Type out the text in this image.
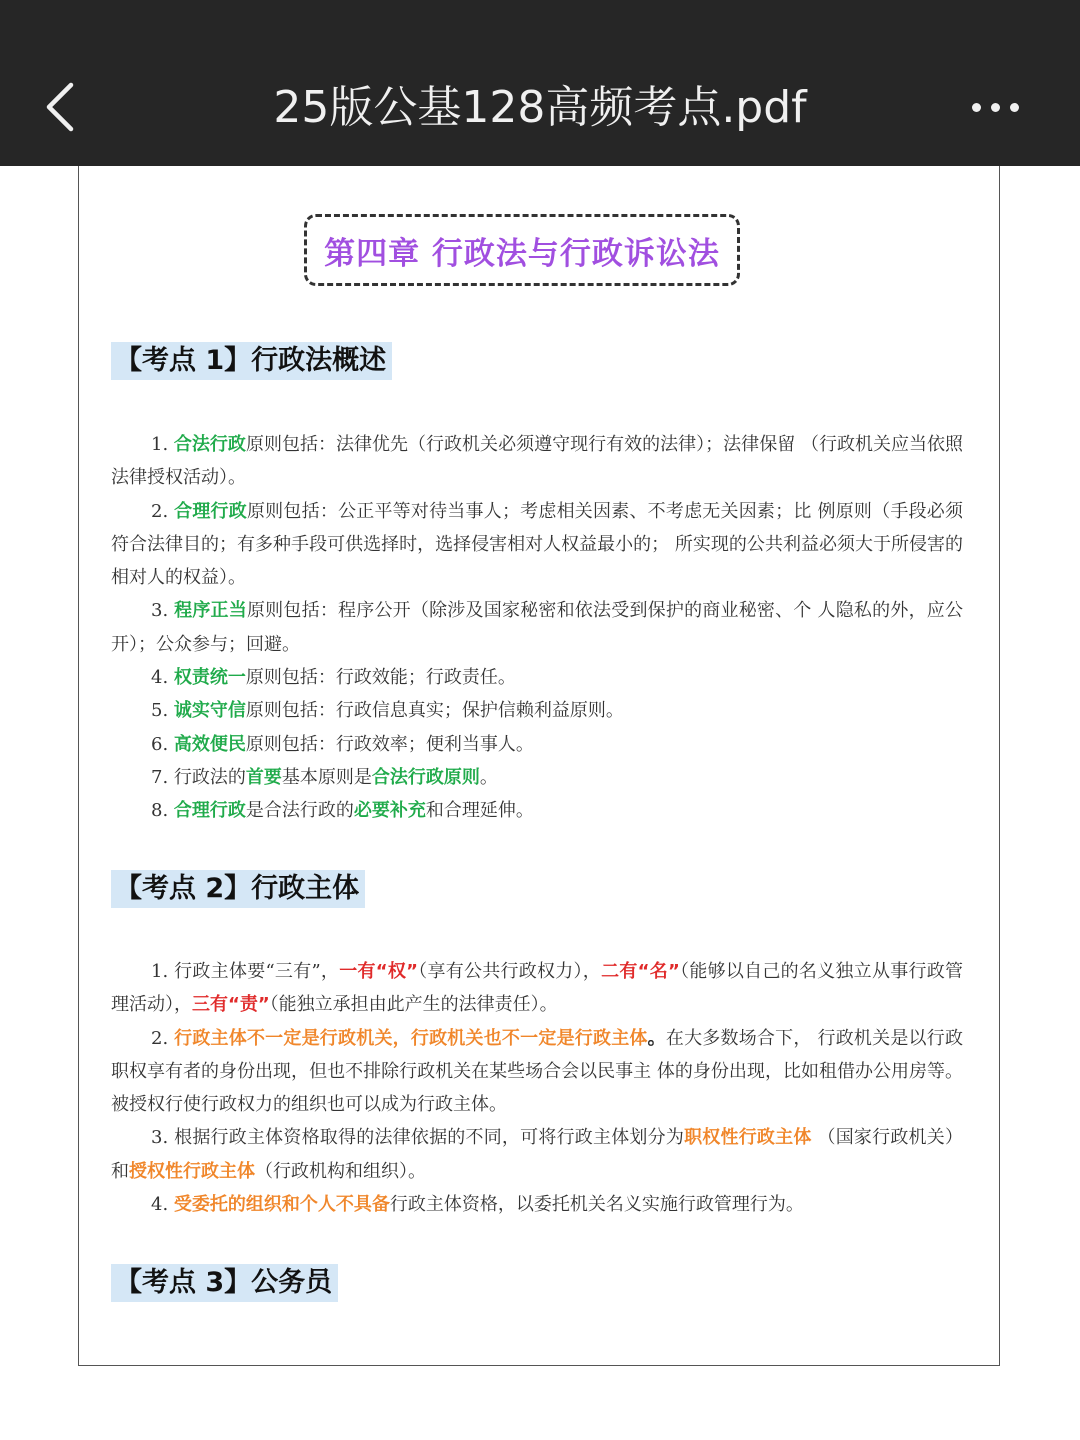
25版公基128高频考点.pdf
第四章 行政法与行政诉讼法
【考点 1】行政法概述

1. 合法行政原则包括：法律优先（行政机关必须遵守现行有效的法律）；法律保留 （行政机关应当依照法律授权活动）。

2. 合理行政原则包括：公正平等对待当事人；考虑相关因素、不考虑无关因素；比 例原则（手段必须符合法律目的；有多种手段可供选择时，选择侵害相对人权益最小的； 所实现的公共利益必须大于所侵害的相对人的权益）。

3. 程序正当原则包括：程序公开（除涉及国家秘密和依法受到保护的商业秘密、个 人隐私的外，应公开）；公众参与；回避。

4. 权责统一原则包括：行政效能；行政责任。

5. 诚实守信原则包括：行政信息真实；保护信赖利益原则。

6. 高效便民原则包括：行政效率；便利当事人。

7. 行政法的首要基本原则是合法行政原则。

8. 合理行政是合法行政的必要补充和合理延伸。

【考点 2】行政主体

1. 行政主体要“三有”，一有“权”（享有公共行政权力），二有“名”（能够以自己的名义独立从事行政管理活动），三有“责”（能独立承担由此产生的法律责任）。

2. 行政主体不一定是行政机关，行政机关也不一定是行政主体。在大多数场合下， 行政机关是以行政职权享有者的身份出现，但也不排除行政机关在某些场合会以民事主 体的身份出现，比如租借办公用房等。被授权行使行政权力的组织也可以成为行政主体。

3. 根据行政主体资格取得的法律依据的不同，可将行政主体划分为职权性行政主体 （国家行政机关）和授权性行政主体（行政机构和组织）。

4. 受委托的组织和个人不具备行政主体资格，以委托机关名义实施行政管理行为。

【考点 3】公务员
